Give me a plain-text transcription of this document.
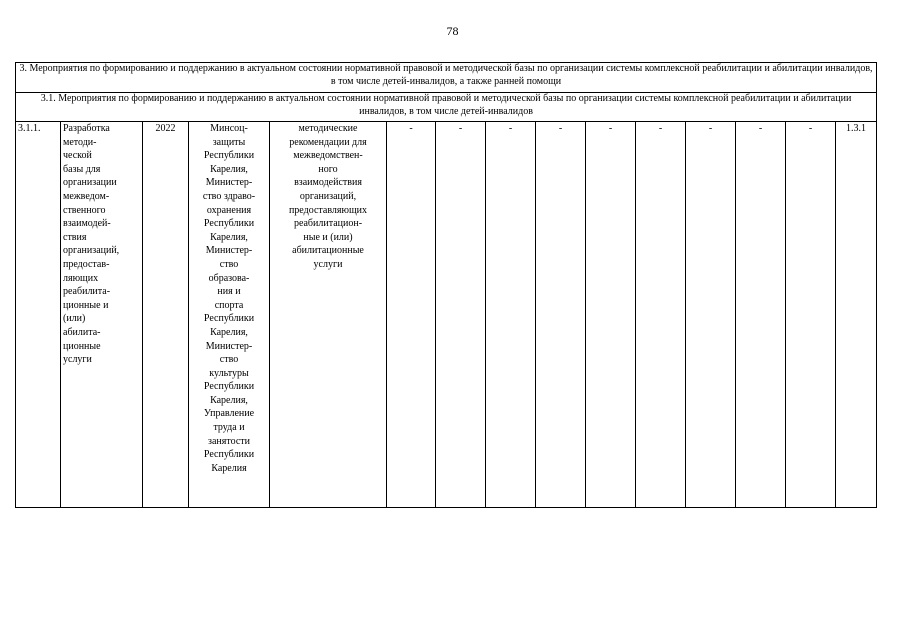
78
3. Мероприятия по формированию и поддержанию в актуальном состоянии нормативной правовой и методической базы по организации системы комплексной реабилитации и абилитации инвалидов, в том числе детей-инвалидов, а также ранней помощи
3.1. Мероприятия по формированию и поддержанию в актуальном состоянии нормативной правовой и методической базы по организации системы комплексной реабилитации и абилитации инвалидов, в том числе детей-инвалидов
3.1.1.	Разработка
методи-
ческой
базы для
организации
межведом-
ственного
взаимодей-
ствия
организаций,
предостав-
ляющих
реабилита-
ционные и
(или)
абилита-
ционные
услуги	2022	Минсоц-
защиты
Республики
Карелия,
Министер-
ство здраво-
охранения
Республики
Карелия,
Министер-
ство
образова-
ния и
спорта
Республики
Карелия,
Министер-
ство
культуры
Республики
Карелия,
Управление
труда и
занятости
Республики
Карелия	методические
рекомендации для
межведомствен-
ного
взаимодействия
организаций,
предоставляющих
реабилитацион-
ные и (или)
абилитационные
услуги	-	-	-	-	-	-	-	-	-	1.3.1
